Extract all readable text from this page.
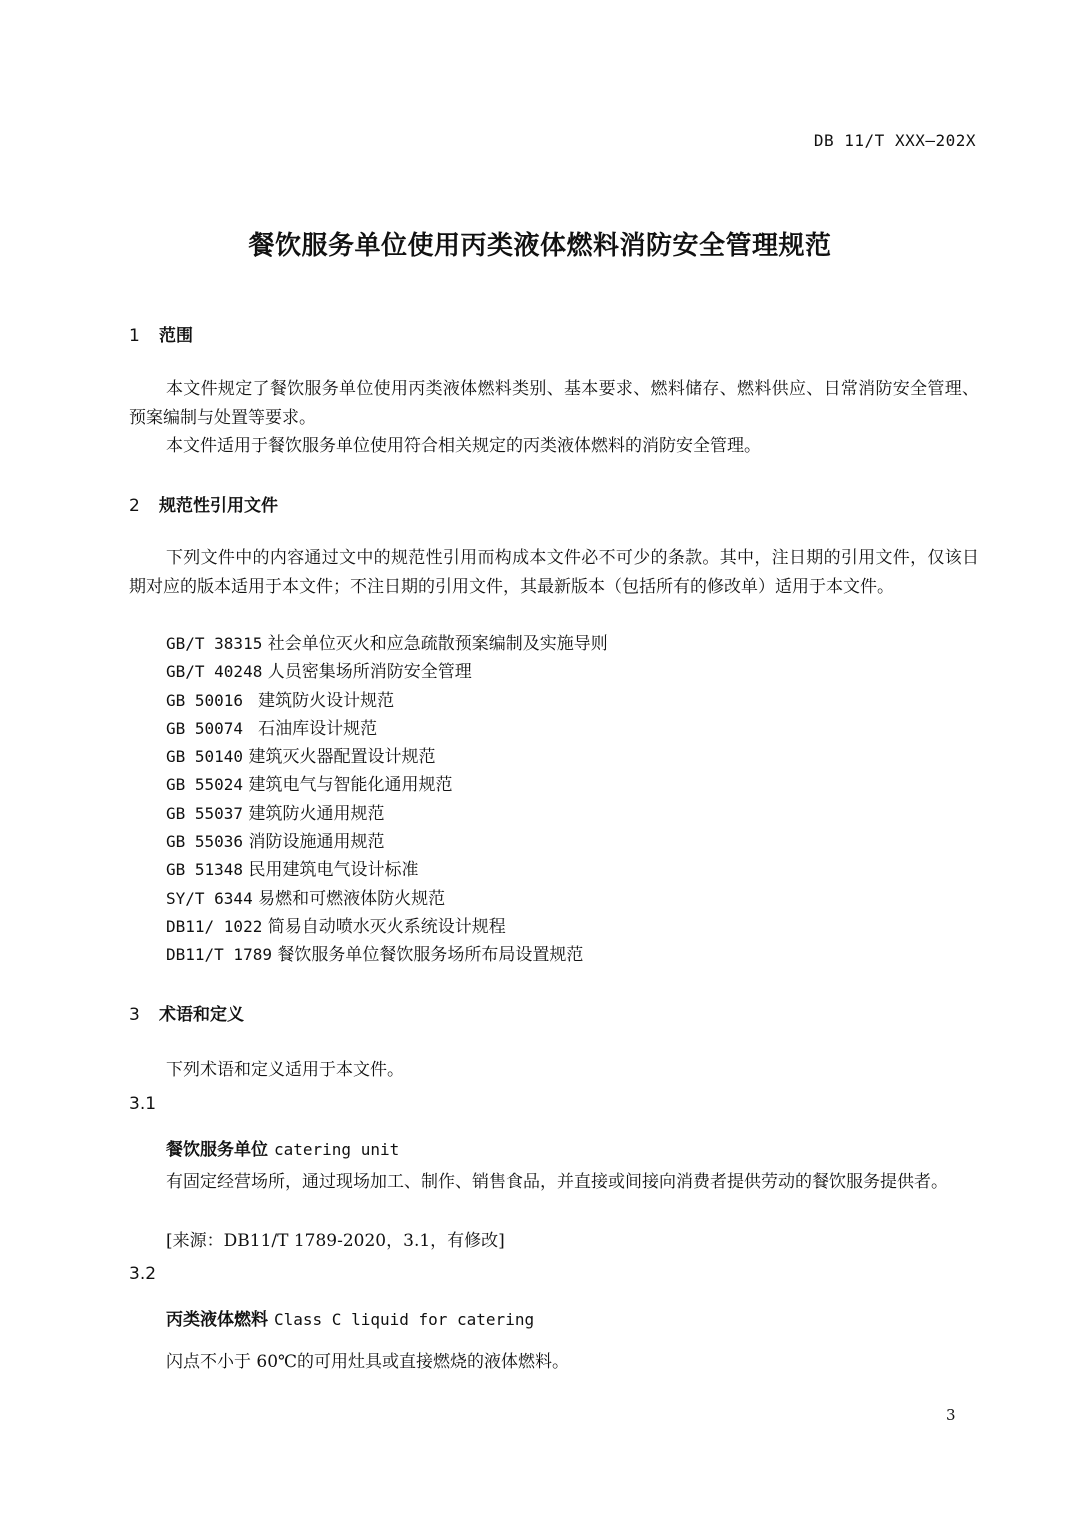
DB 11/T XXX—202X
餐饮服务单位使用丙类液体燃料消防安全管理规范
1 范围
本文件规定了餐饮服务单位使用丙类液体燃料类别、基本要求、燃料储存、燃料供应、日常消防安全管理、预案编制与处置等要求。
本文件适用于餐饮服务单位使用符合相关规定的丙类液体燃料的消防安全管理。
2 规范性引用文件
下列文件中的内容通过文中的规范性引用而构成本文件必不可少的条款。其中，注日期的引用文件，仅该日期对应的版本适用于本文件；不注日期的引用文件，其最新版本（包括所有的修改单）适用于本文件。
GB/T 38315 社会单位灭火和应急疏散预案编制及实施导则
GB/T 40248 人员密集场所消防安全管理
GB 50016  建筑防火设计规范
GB 50074  石油库设计规范
GB 50140 建筑灭火器配置设计规范
GB 55024 建筑电气与智能化通用规范
GB 55037 建筑防火通用规范
GB 55036 消防设施通用规范
GB 51348 民用建筑电气设计标准
SY/T 6344 易燃和可燃液体防火规范
DB11/ 1022 简易自动喷水灭火系统设计规程
DB11/T 1789 餐饮服务单位餐饮服务场所布局设置规范
3 术语和定义
下列术语和定义适用于本文件。
3.1
餐饮服务单位 catering unit
有固定经营场所，通过现场加工、制作、销售食品，并直接或间接向消费者提供劳动的餐饮服务提供者。
[来源：DB11/T 1789-2020，3.1，有修改]
3.2
丙类液体燃料 Class C liquid for catering
闪点不小于 60℃的可用灶具或直接燃烧的液体燃料。
3
